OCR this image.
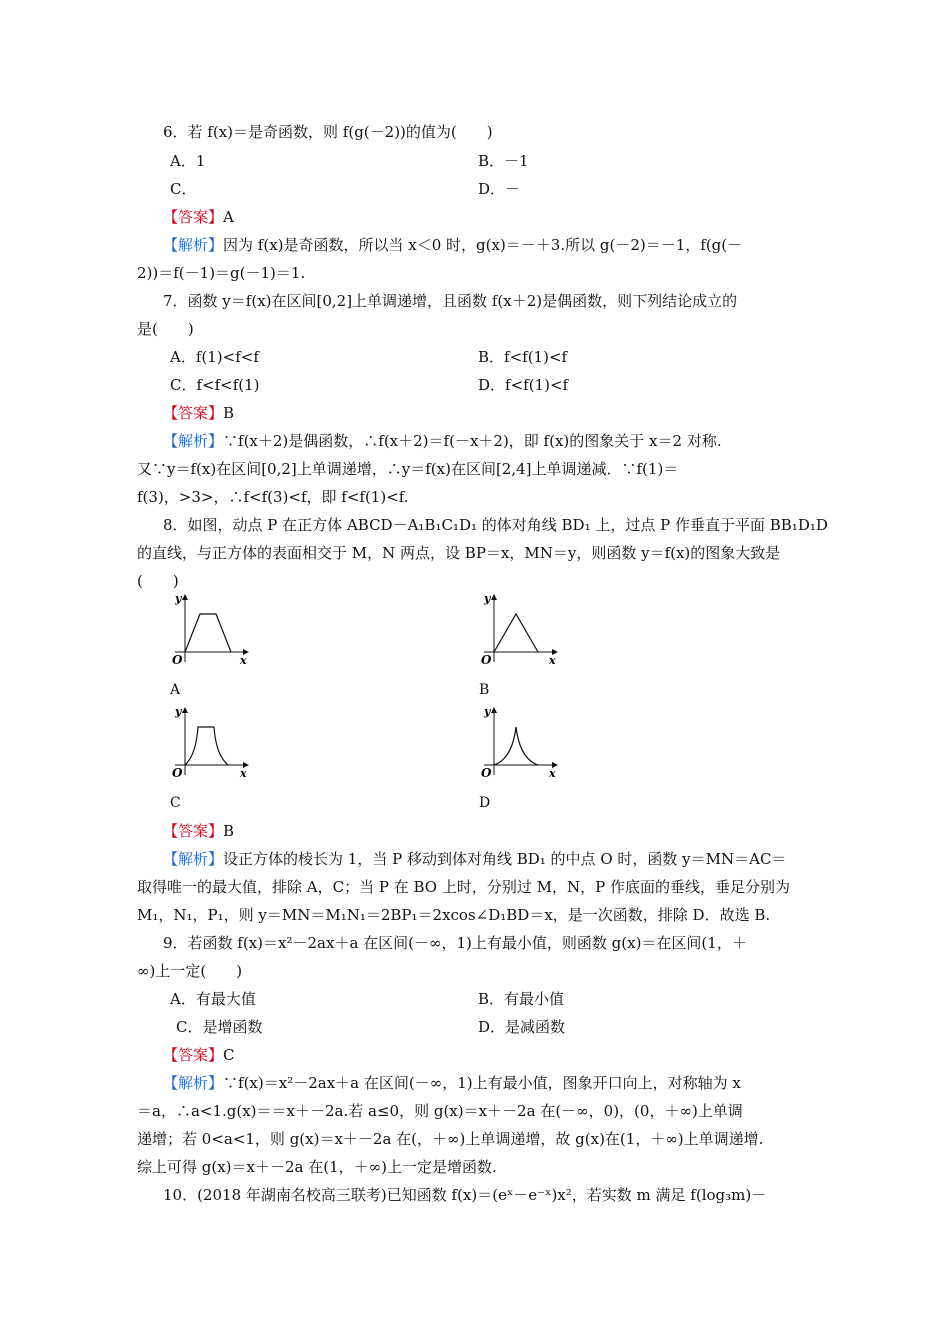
6．若 f(x)＝是奇函数，则 f(g(－2))的值为(　　)
A．1	B．－1
C．	D．－
【答案】A
【解析】因为 f(x)是奇函数，所以当 x＜0 时，g(x)＝－＋3.所以 g(－2)＝－1，f(g(－
2))＝f(－1)＝g(－1)＝1.
7．函数 y＝f(x)在区间[0,2]上单调递增，且函数 f(x＋2)是偶函数，则下列结论成立的
是(　　)
A．f(1)<f<f	B．f<f(1)<f
C．f<f<f(1)	D．f<f(1)<f
【答案】B
【解析】∵f(x＋2)是偶函数，∴f(x＋2)＝f(－x＋2)，即 f(x)的图象关于 x＝2 对称.
又∵y＝f(x)在区间[0,2]上单调递增，∴y＝f(x)在区间[2,4]上单调递减．∵f(1)＝
f(3)，>3>，∴f<f(3)<f，即 f<f(1)<f.
8．如图，动点 P 在正方体 ABCD－A₁B₁C₁D₁ 的体对角线 BD₁ 上，过点 P 作垂直于平面 BB₁D₁D
的直线，与正方体的表面相交于 M，N 两点，设 BP＝x，MN＝y，则函数 y＝f(x)的图象大致是
(　　)
y
O	x
A
y
O	x
B
y
O	x
C
y
O	x
D
【答案】B
【解析】设正方体的棱长为 1，当 P 移动到体对角线 BD₁ 的中点 O 时，函数 y＝MN＝AC＝
取得唯一的最大值，排除 A，C；当 P 在 BO 上时，分别过 M，N，P 作底面的垂线，垂足分别为
M₁，N₁，P₁，则 y＝MN＝M₁N₁＝2BP₁＝2xcos∠D₁BD＝x，是一次函数，排除 D．故选 B.
9．若函数 f(x)＝x²－2ax＋a 在区间(－∞，1)上有最小值，则函数 g(x)＝在区间(1，＋
∞)上一定(　　)
A．有最大值	B．有最小值
C．是增函数	D．是减函数
【答案】C
【解析】∵f(x)＝x²－2ax＋a 在区间(－∞，1)上有最小值，图象开口向上，对称轴为 x
＝a，∴a<1.g(x)＝＝x＋－2a.若 a≤0，则 g(x)＝x＋－2a 在(－∞，0)，(0，＋∞)上单调
递增；若 0<a<1，则 g(x)＝x＋－2a 在(，＋∞)上单调递增，故 g(x)在(1，＋∞)上单调递增.
综上可得 g(x)＝x＋－2a 在(1，＋∞)上一定是增函数.
10．(2018 年湖南名校高三联考)已知函数 f(x)＝(eˣ－e⁻ˣ)x²，若实数 m 满足 f(log₃m)－
